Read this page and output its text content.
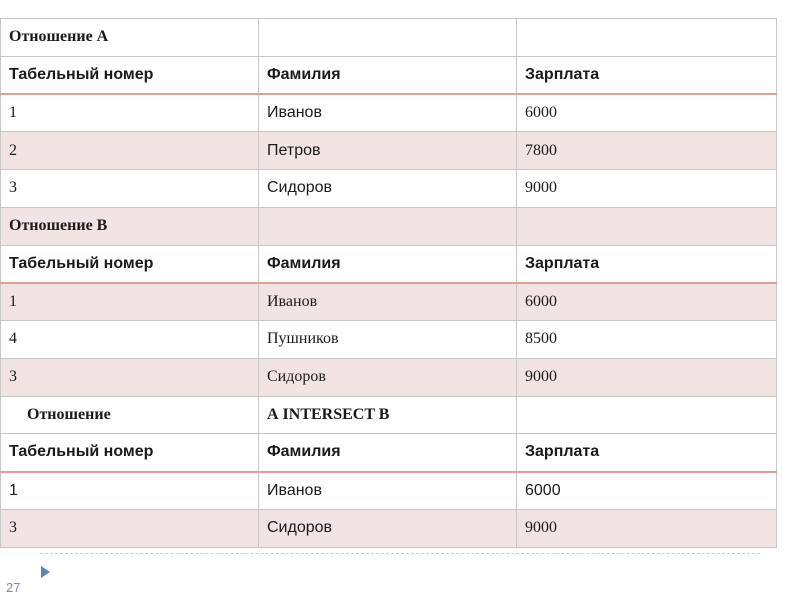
Отношение А		
Табельный номер	Фамилия	Зарплата
1	Иванов	6000
2	Петров	7800
3	Сидоров	9000
Отношение В		
Табельный номер	Фамилия	Зарплата
1	Иванов	6000
4	Пушников	8500
3	Сидоров	9000
Отношение	А INTERSECT В	
Табельный номер	Фамилия	Зарплата
1	Иванов	6000
3	Сидоров	9000
27
